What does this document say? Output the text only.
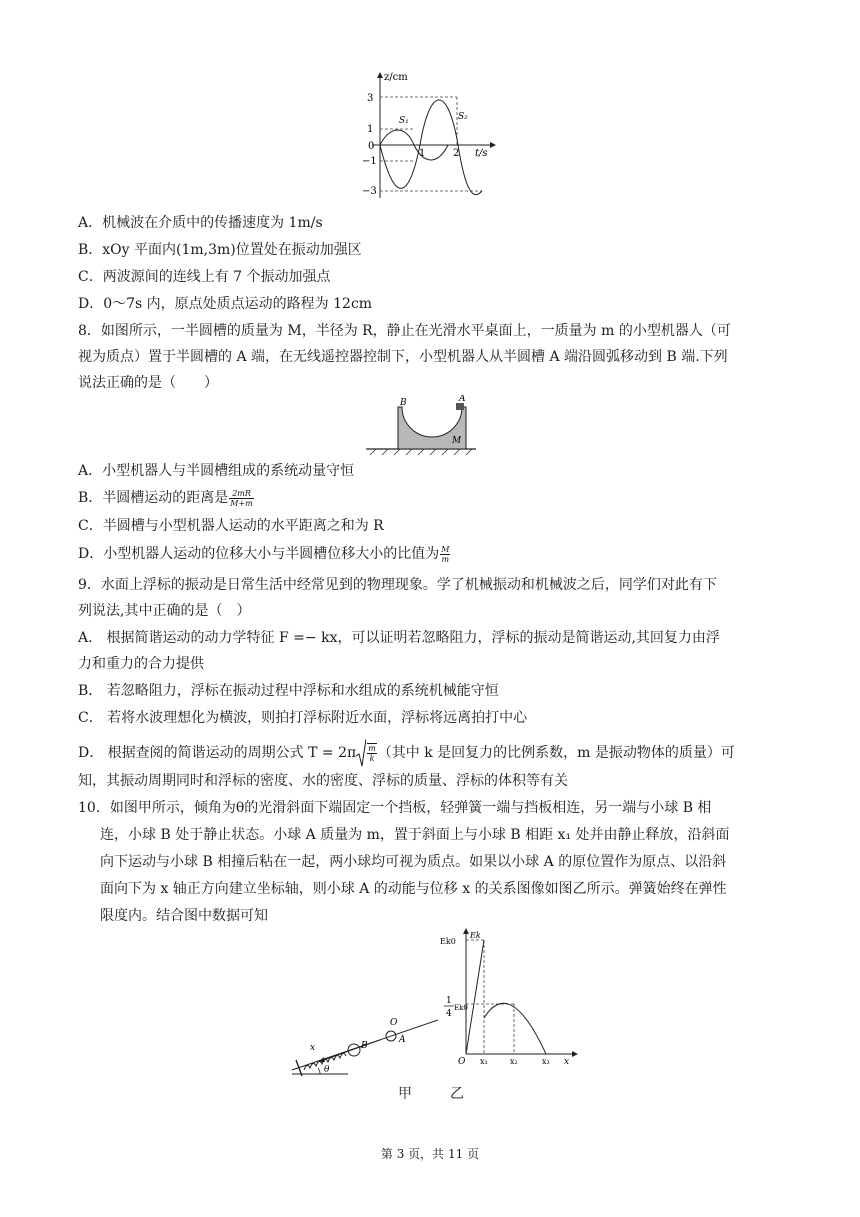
3
1
0
−1
−3
z/cm
t/s
1	2
S₁	S₂
A．机械波在介质中的传播速度为 1m/s
B．xOy 平面内(1m,3m)位置处在振动加强区
C．两波源间的连线上有 7 个振动加强点
D．0～7s 内，原点处质点运动的路程为 12cm
8．如图所示，一半圆槽的质量为 M，半径为 R，静止在光滑水平桌面上，一质量为 m 的小型机器人（可
视为质点）置于半圆槽的 A 端，在无线遥控器控制下，小型机器人从半圆槽 A 端沿圆弧移动到 B 端.下列
说法正确的是（　　）
B	A
M
A．小型机器人与半圆槽组成的系统动量守恒
B．半圆槽运动的距离是 $\frac{2mR}{M+m}$
C．半圆槽与小型机器人运动的水平距离之和为 R
D．小型机器人运动的位移大小与半圆槽位移大小的比值为 $\frac{M}{m}$
9．水面上浮标的振动是日常生活中经常见到的物理现象。学了机械振动和机械波之后，同学们对此有下
列说法,其中正确的是（　）
A． 根据简谐运动的动力学特征 F =− kx，可以证明若忽略阻力，浮标的振动是简谐运动,其回复力由浮
力和重力的合力提供
B． 若忽略阻力，浮标在振动过程中浮标和水组成的系统机械能守恒
C． 若将水波理想化为横波，则拍打浮标附近水面，浮标将远离拍打中心
D． 根据查阅的简谐运动的周期公式 $T = 2\pi \frac{m}{k}$ （其中 k 是回复力的比例系数，m 是振动物体的质量）可
知，其振动周期同时和浮标的密度、水的密度、浮标的质量、浮标的体积等有关
10．如图甲所示，倾角为θ的光滑斜面下端固定一个挡板，轻弹簧一端与挡板相连，另一端与小球 B 相
连，小球 B 处于静止状态。小球 A 质量为 m，置于斜面上与小球 B 相距 x₁ 处并由静止释放，沿斜面
向下运动与小球 B 相撞后粘在一起，两小球均可视为质点。如果以小球 A 的原位置作为原点、以沿斜
面向下为 x 轴正方向建立坐标轴，则小球 A 的动能与位移 x 的关系图像如图乙所示。弹簧始终在弹性
限度内。结合图中数据可知
x
O
A
B
θ
Ek0
Ek
1
4
Ek0
O x₁	x₂	x₃ x
甲	乙
第 3 页，共 11 页
